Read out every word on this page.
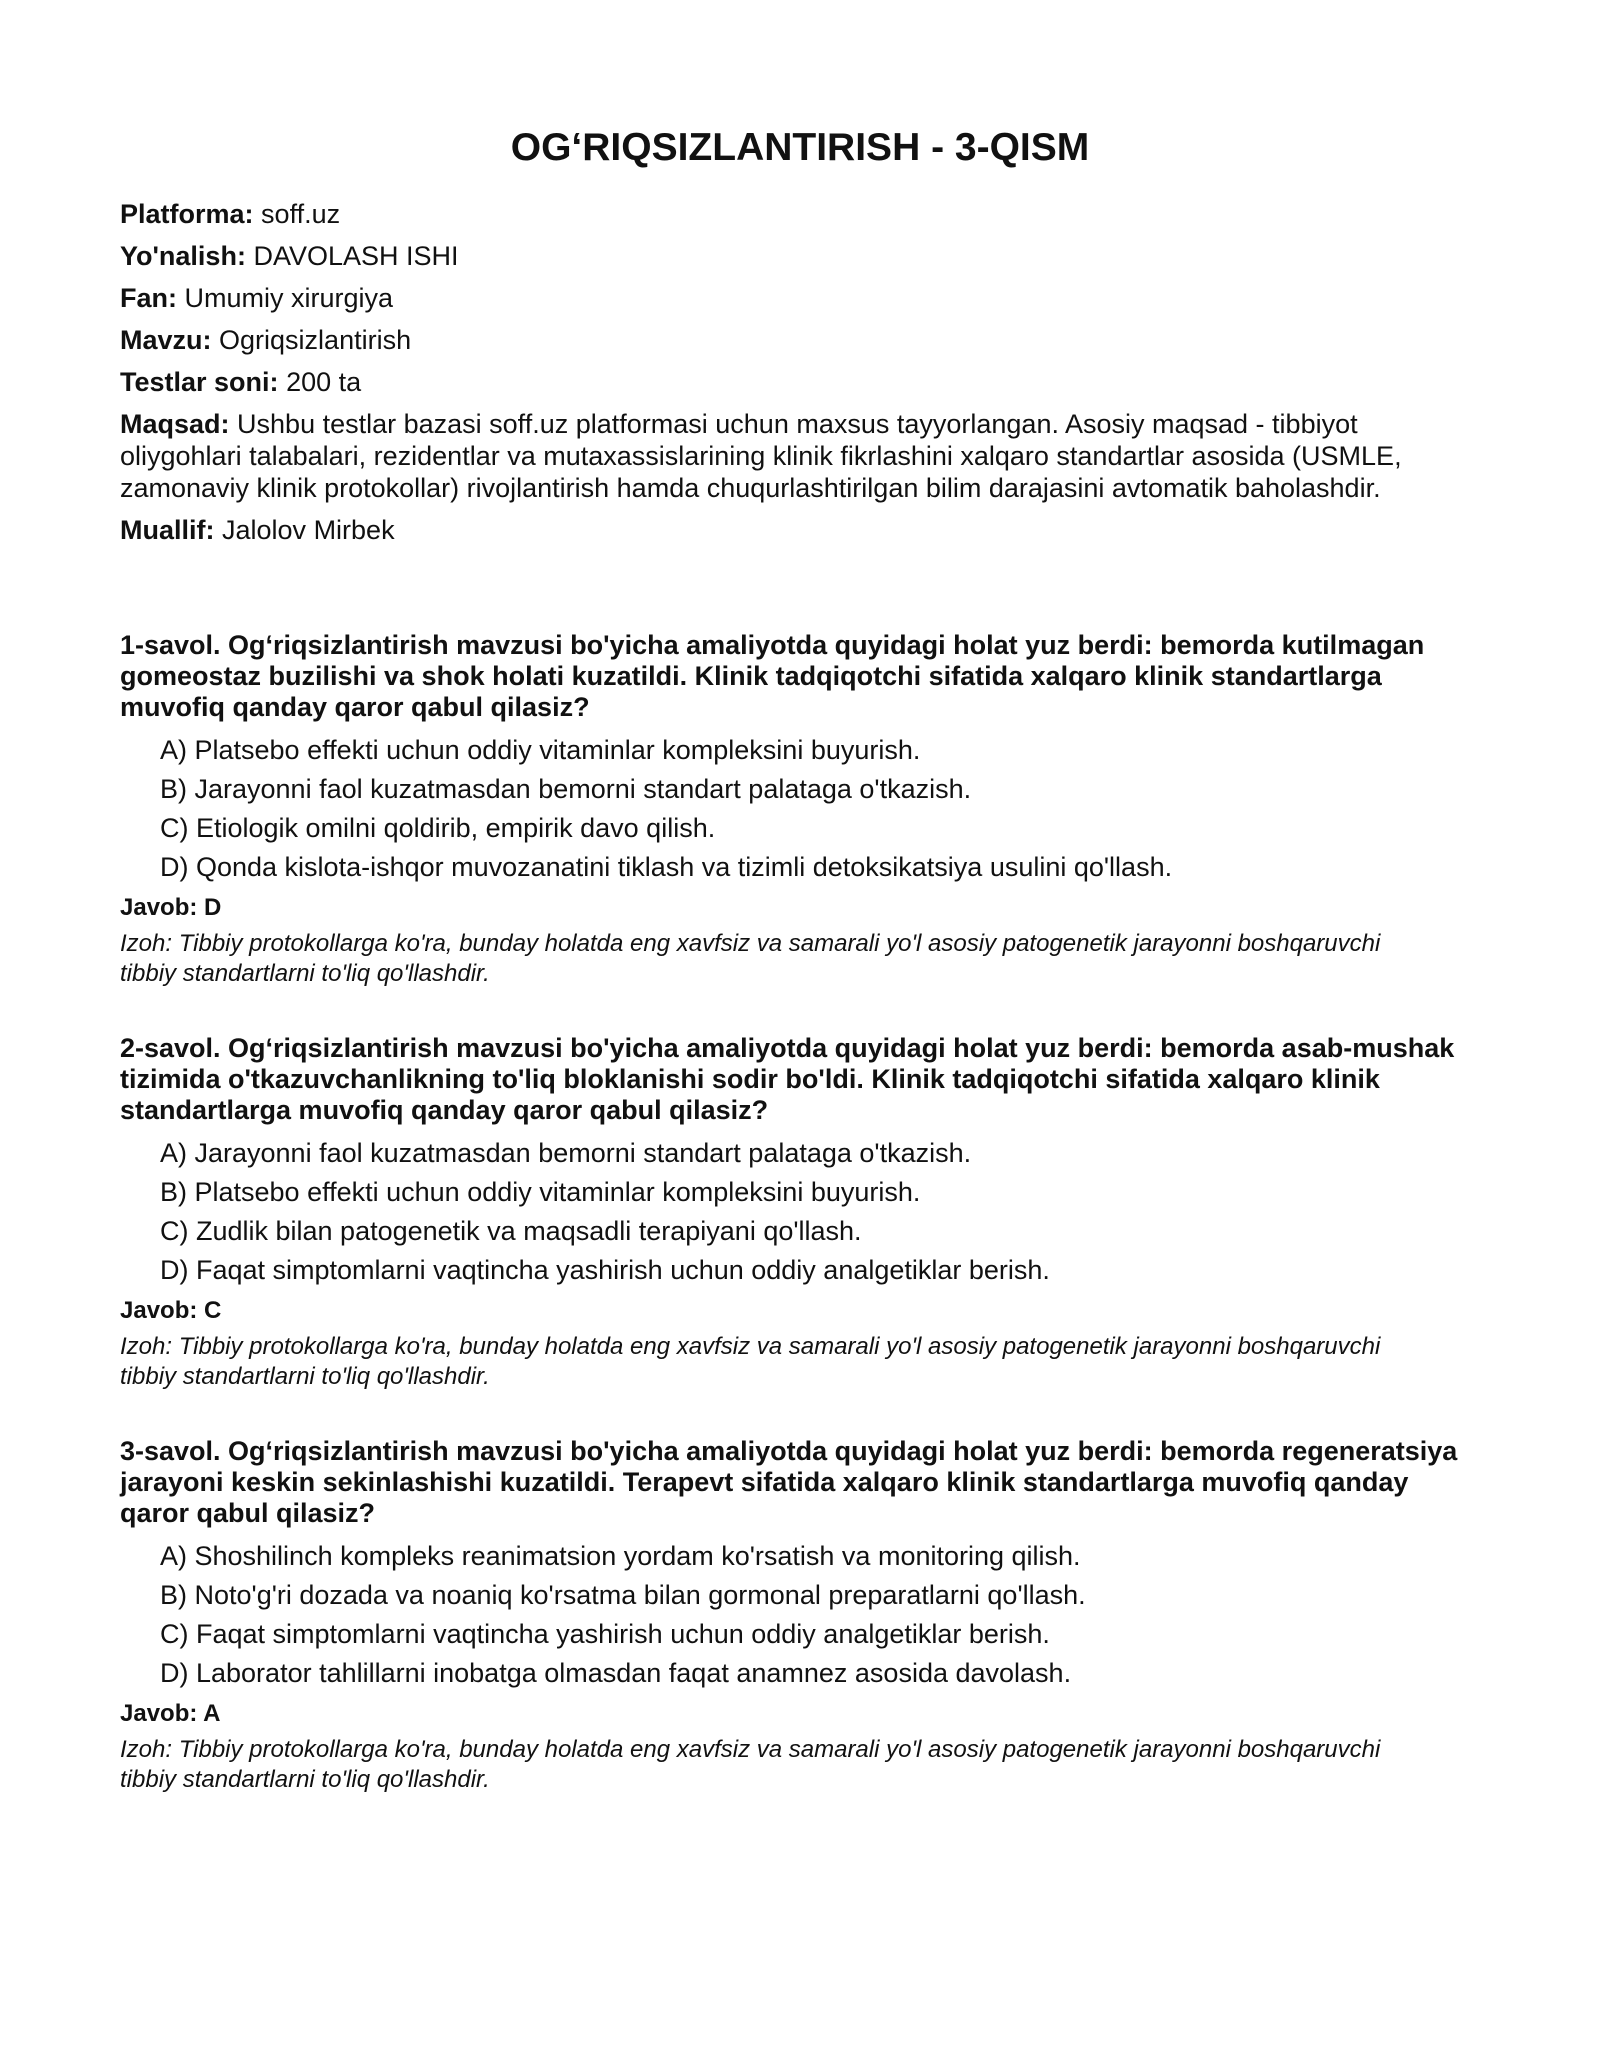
OG‘RIQSIZLANTIRISH - 3-QISM
Platforma: soff.uz
Yo'nalish: DAVOLASH ISHI
Fan: Umumiy xirurgiya
Mavzu: Ogriqsizlantirish
Testlar soni: 200 ta
Maqsad: Ushbu testlar bazasi soff.uz platformasi uchun maxsus tayyorlangan. Asosiy maqsad - tibbiyot oliygohlari talabalari, rezidentlar va mutaxassislarining klinik fikrlashini xalqaro standartlar asosida (USMLE, zamonaviy klinik protokollar) rivojlantirish hamda chuqurlashtirilgan bilim darajasini avtomatik baholashdir.
Muallif: Jalolov Mirbek
1-savol. Og‘riqsizlantirish mavzusi bo'yicha amaliyotda quyidagi holat yuz berdi: bemorda kutilmagan gomeostaz buzilishi va shok holati kuzatildi. Klinik tadqiqotchi sifatida xalqaro klinik standartlarga muvofiq qanday qaror qabul qilasiz?
A) Platsebo effekti uchun oddiy vitaminlar kompleksini buyurish.
B) Jarayonni faol kuzatmasdan bemorni standart palataga o'tkazish.
C) Etiologik omilni qoldirib, empirik davo qilish.
D) Qonda kislota-ishqor muvozanatini tiklash va tizimli detoksikatsiya usulini qo'llash.
Javob: D
Izoh: Tibbiy protokollarga ko'ra, bunday holatda eng xavfsiz va samarali yo'l asosiy patogenetik jarayonni boshqaruvchi tibbiy standartlarni to'liq qo'llashdir.
2-savol. Og‘riqsizlantirish mavzusi bo'yicha amaliyotda quyidagi holat yuz berdi: bemorda asab-mushak tizimida o'tkazuvchanlikning to'liq bloklanishi sodir bo'ldi. Klinik tadqiqotchi sifatida xalqaro klinik standartlarga muvofiq qanday qaror qabul qilasiz?
A) Jarayonni faol kuzatmasdan bemorni standart palataga o'tkazish.
B) Platsebo effekti uchun oddiy vitaminlar kompleksini buyurish.
C) Zudlik bilan patogenetik va maqsadli terapiyani qo'llash.
D) Faqat simptomlarni vaqtincha yashirish uchun oddiy analgetiklar berish.
Javob: C
Izoh: Tibbiy protokollarga ko'ra, bunday holatda eng xavfsiz va samarali yo'l asosiy patogenetik jarayonni boshqaruvchi tibbiy standartlarni to'liq qo'llashdir.
3-savol. Og‘riqsizlantirish mavzusi bo'yicha amaliyotda quyidagi holat yuz berdi: bemorda regeneratsiya jarayoni keskin sekinlashishi kuzatildi. Terapevt sifatida xalqaro klinik standartlarga muvofiq qanday qaror qabul qilasiz?
A) Shoshilinch kompleks reanimatsion yordam ko'rsatish va monitoring qilish.
B) Noto'g'ri dozada va noaniq ko'rsatma bilan gormonal preparatlarni qo'llash.
C) Faqat simptomlarni vaqtincha yashirish uchun oddiy analgetiklar berish.
D) Laborator tahlillarni inobatga olmasdan faqat anamnez asosida davolash.
Javob: A
Izoh: Tibbiy protokollarga ko'ra, bunday holatda eng xavfsiz va samarali yo'l asosiy patogenetik jarayonni boshqaruvchi tibbiy standartlarni to'liq qo'llashdir.
